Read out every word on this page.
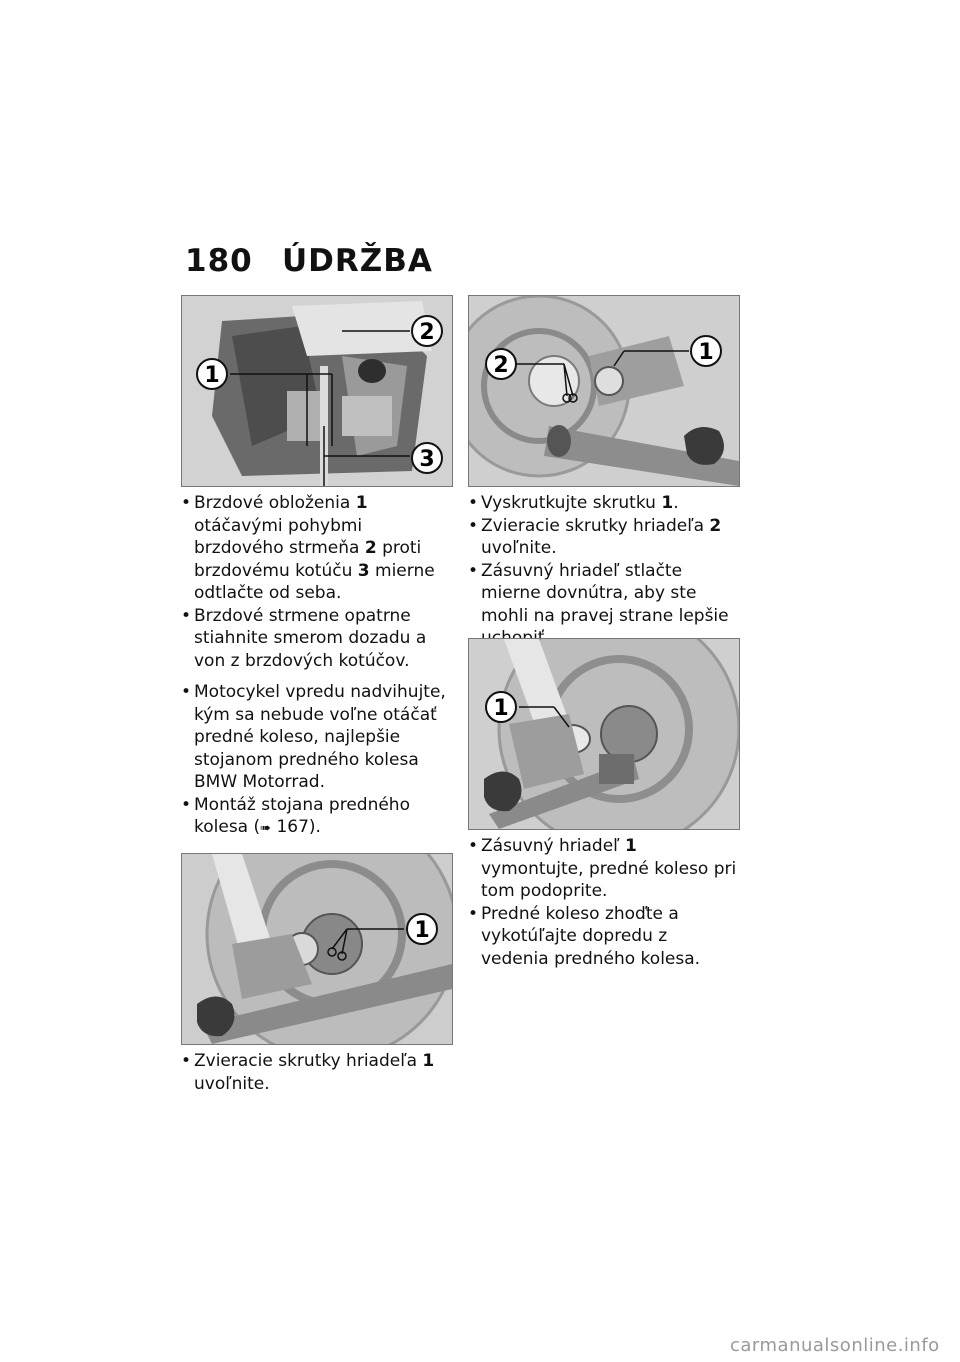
180 ÚDRŽBA
1
2
3
2
1
• Brzdové obloženia 1 otáčavými pohybmi brzdového strmeňa 2 proti brzdovému kotúču 3 mierne odtlačte od seba.
• Brzdové strmene opatrne stiahnite smerom dozadu a von z brzdových kotúčov.
• Motocykel vpredu nadvihujte, kým sa nebude voľne otáčať predné koleso, najlepšie stojanom predného kolesa BMW Motorrad.
• Montáž stojana predného kolesa (➠ 167).
1
• Zvieracie skrutky hriadeľa 1 uvoľnite.
• Vyskrutkujte skrutku 1.
• Zvieracie skrutky hriadeľa 2 uvoľnite.
• Zásuvný hriadeľ stlačte mierne dovnútra, aby ste mohli na pravej strane lepšie
1
• Zásuvný hriadeľ 1 vymontujte, predné koleso pri tom podoprite.
• Predné koleso zhoďte a vykotúľajte dopredu z vedenia predného kolesa.
carmanualsonline.info
